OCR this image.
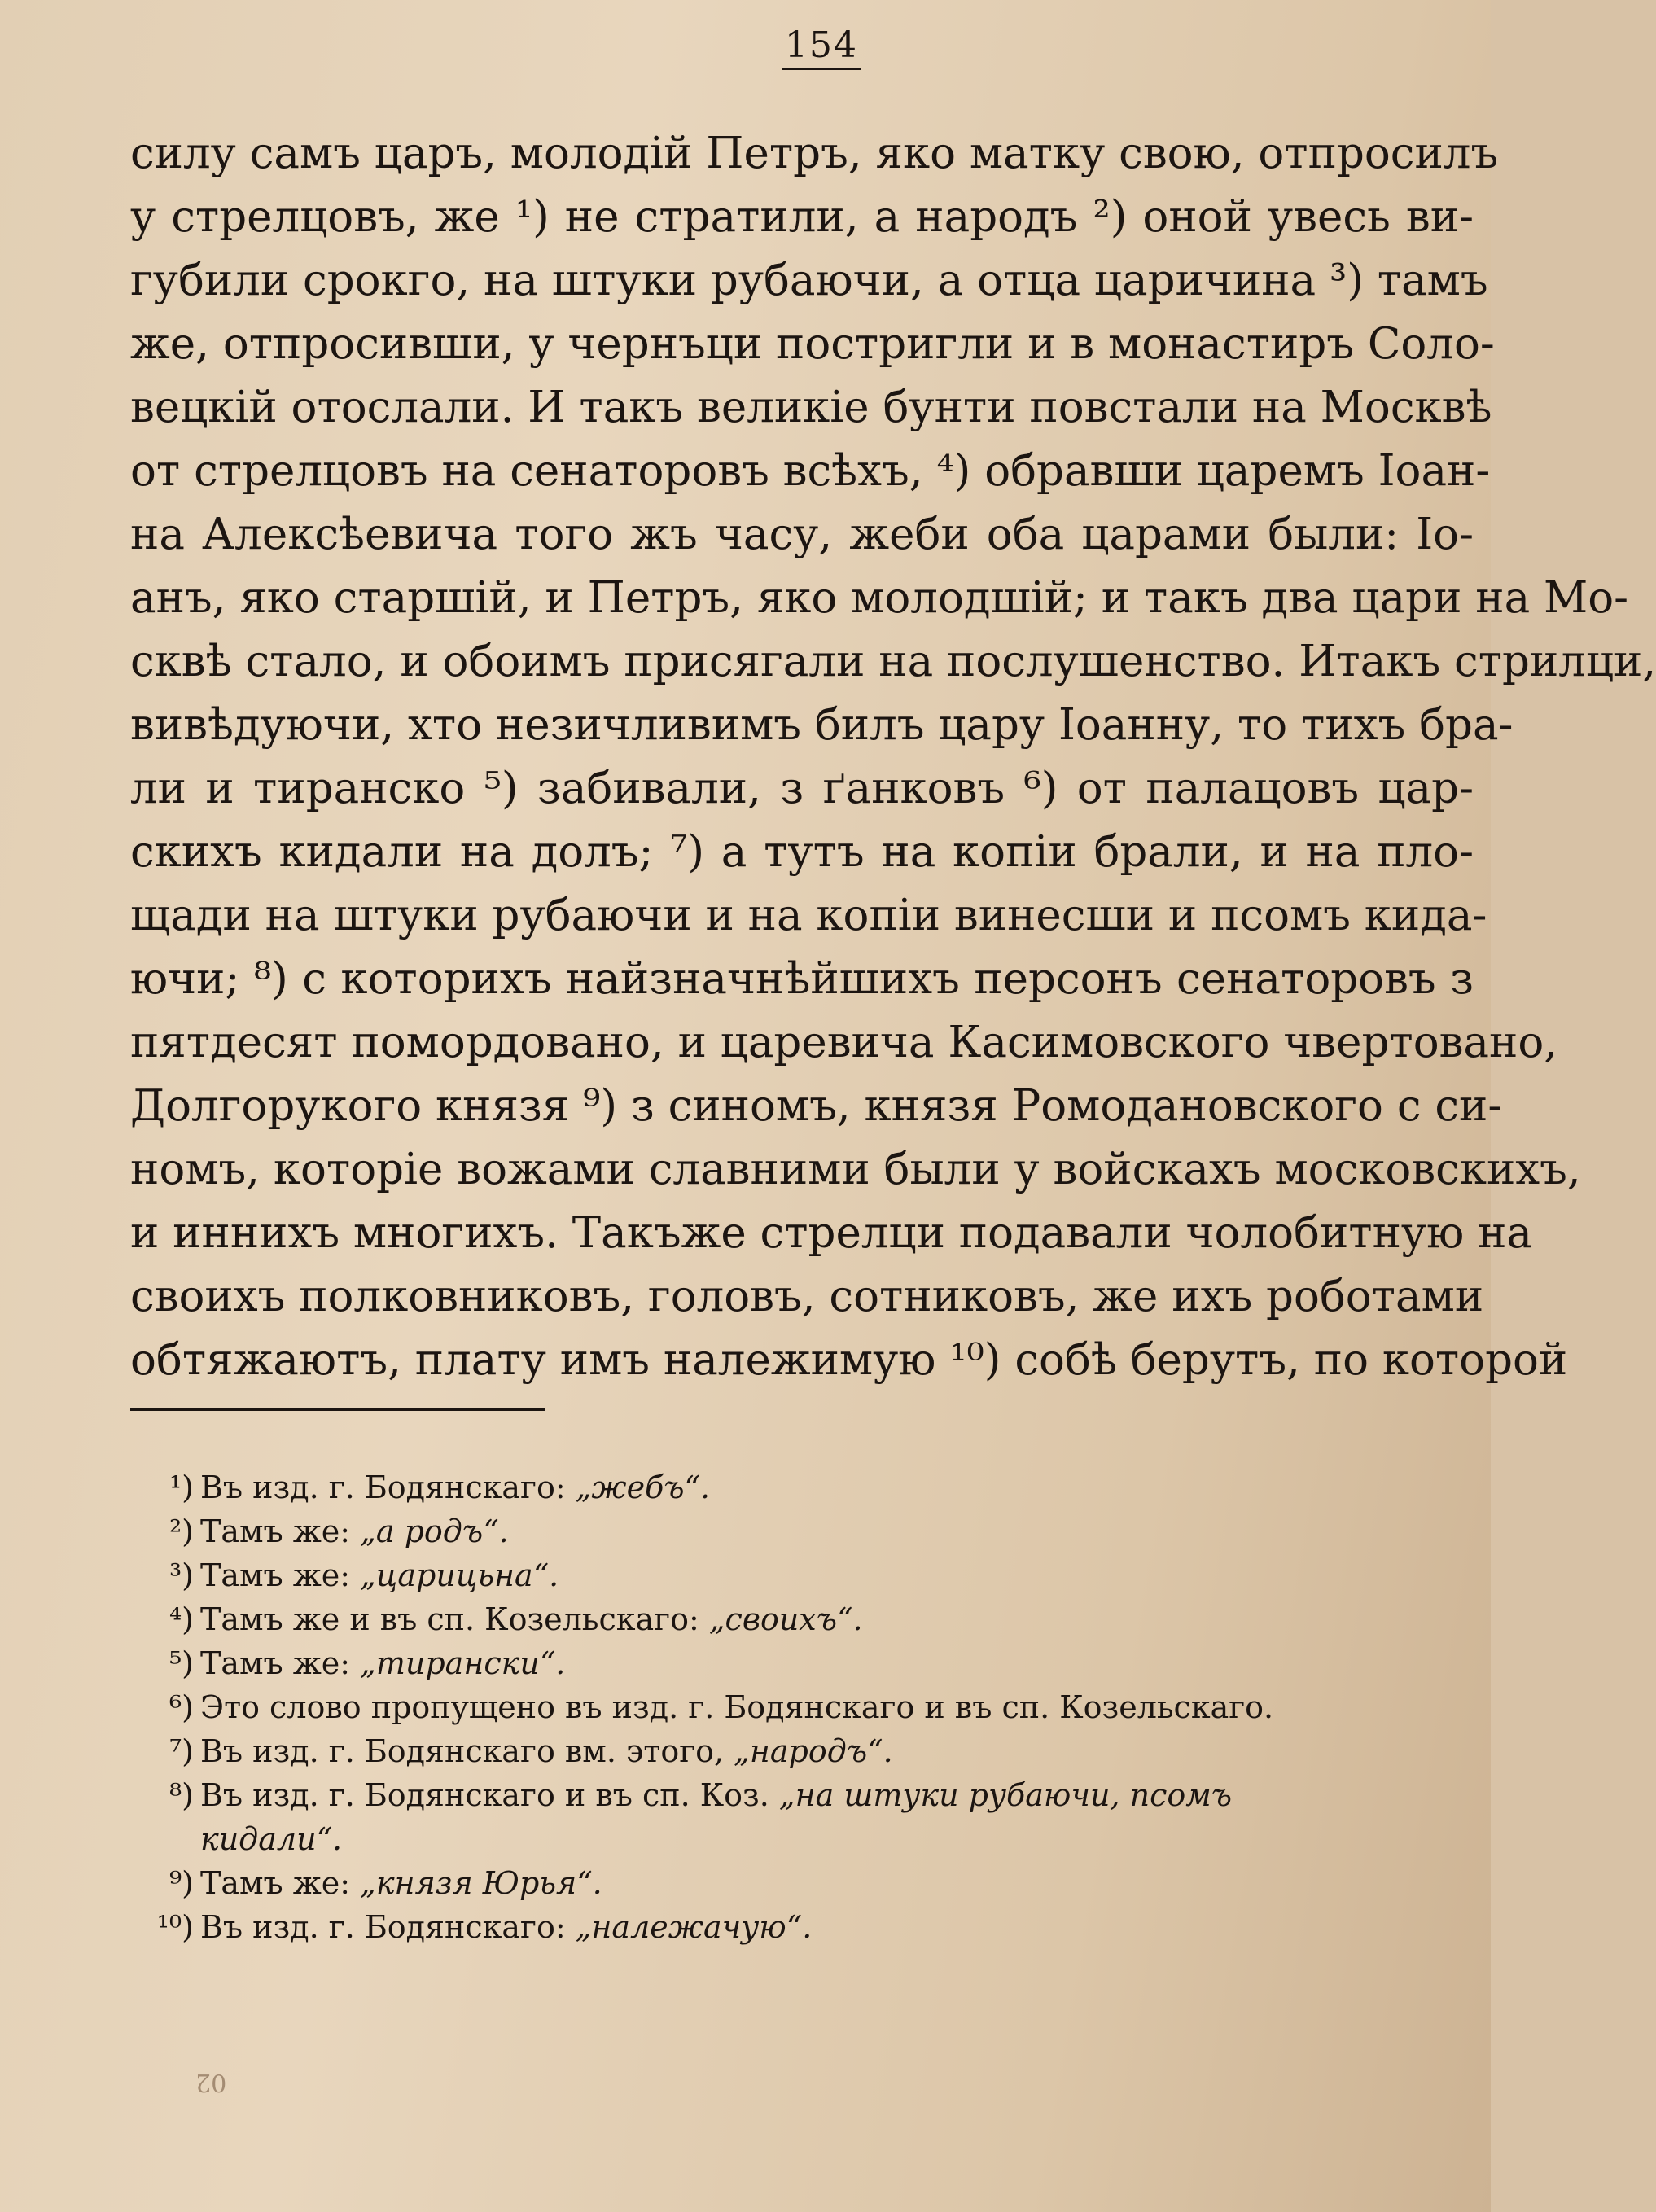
154
силу самъ царъ, молодій Петръ, яко матку свою, отпросилъ
у стрелцовъ, же ¹) не стратили, а народъ ²) оной увесь ви-
губили срокго, на штуки рубаючи, а отца царичина ³) тамъ
же, отпросивши, у чернъци постригли и в монастиръ Соло-
вецкій отослали. И такъ великіе бунти повстали на Москвѣ
от стрелцовъ на сенаторовъ всѣхъ, ⁴) обравши царемъ Іоан-
на Алексѣевича того жъ часу, жеби оба царами были: Іо-
анъ, яко старшій, и Петръ, яко молодшій; и такъ два цари на Мо-
сквѣ стало, и обоимъ присягали на послушенство. Итакъ стрилци,
вивѣдуючи, хто незичливимъ билъ цару Іоанну, то тихъ бра-
ли и тиранско ⁵) забивали, з ґанковъ ⁶) от палацовъ цар-
скихъ кидали на долъ; ⁷) а тутъ на копіи брали, и на пло-
щади на штуки рубаючи и на копіи винесши и псомъ кида-
ючи; ⁸) с которихъ найзначнѣйшихъ персонъ сенаторовъ з
пятдесят помордовано, и царевича Касимовского чвертовано,
Долгорукого князя ⁹) з синомъ, князя Ромодановского с си-
номъ, которіе вожами славними были у войскахъ московскихъ,
и иннихъ многихъ. Такъже стрелци подавали чолобитную на
своихъ полковниковъ, головъ, сотниковъ, же ихъ роботами
обтяжаютъ, плату имъ належимую ¹⁰) собѣ берутъ, по которой
¹) Въ изд. г. Бодянскаго: „жебъ“.
²) Тамъ же: „а родъ“.
³) Тамъ же: „царицьна“.
⁴) Тамъ же и въ сп. Козельскаго: „своихъ“.
⁵) Тамъ же: „тирански“.
⁶) Это слово пропущено въ изд. г. Бодянскаго и въ сп. Козельскаго.
⁷) Въ изд. г. Бодянскаго вм. этого, „народъ“.
⁸) Въ изд. г. Бодянскаго и въ сп. Коз. „на штуки рубаючи, псомъ
кидали“.
⁹) Тамъ же: „князя Юрья“.
¹⁰) Въ изд. г. Бодянскаго: „належачую“.
02
